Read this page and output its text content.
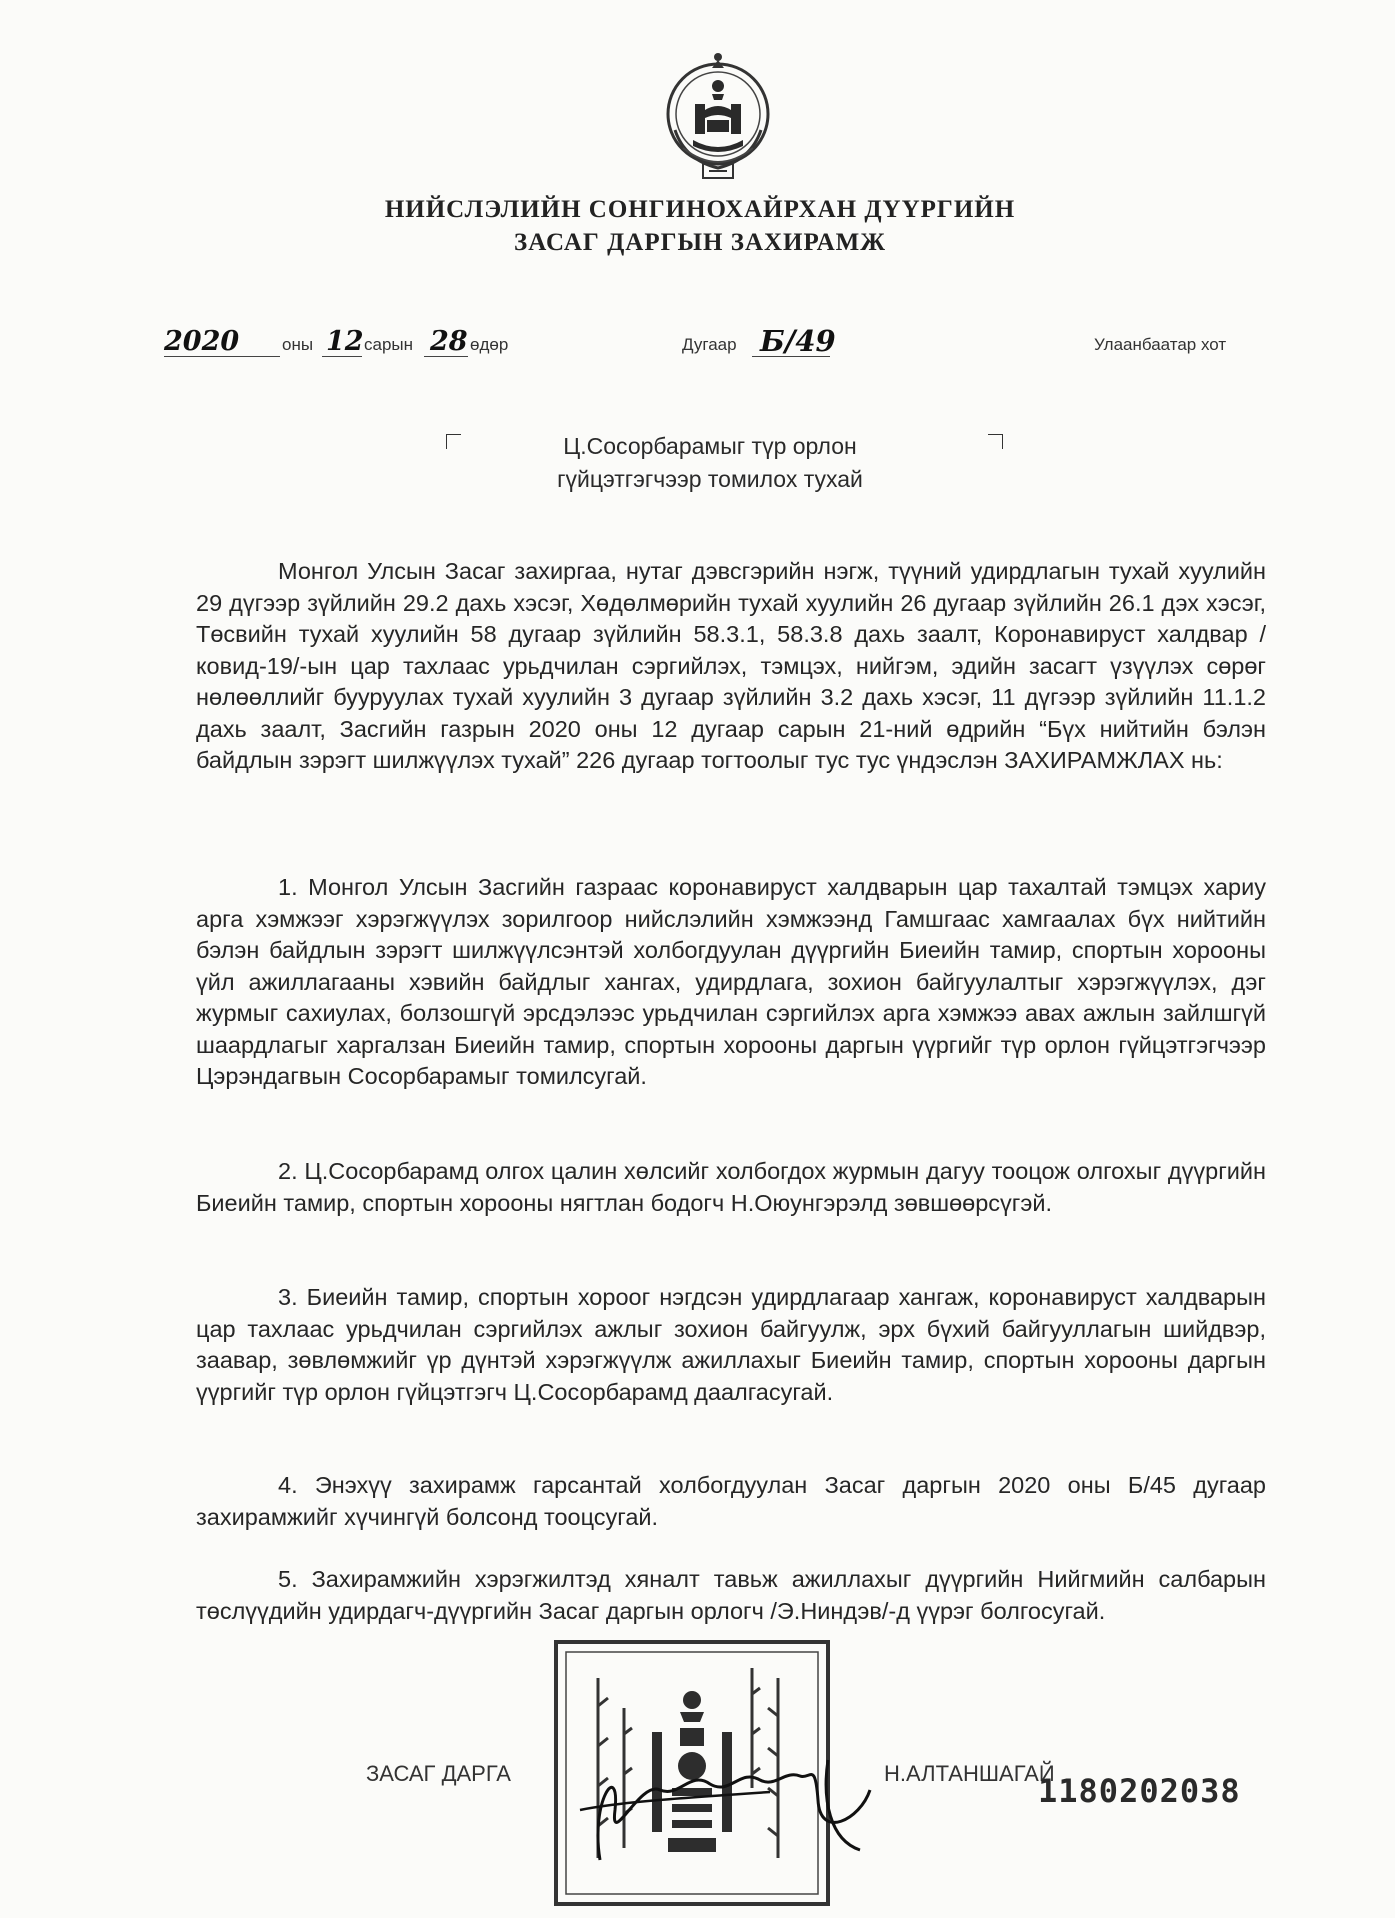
НИЙСЛЭЛИЙН СОНГИНОХАЙРХАН ДҮҮРГИЙН
ЗАСАГ ДАРГЫН ЗАХИРАМЖ
2020	оны 12 сарын 28 өдөр	Дугаар Б/49	Улаанбаатар хот
Ц.Сосорбарамыг түр орлон
гүйцэтгэгчээр томилох тухай
Монгол Улсын Засаг захиргаа, нутаг дэвсгэрийн нэгж, түүний удирдлагын тухай хуулийн 29 дүгээр зүйлийн 29.2 дахь хэсэг, Хөдөлмөрийн тухай хуулийн 26 дугаар зүйлийн 26.1 дэх хэсэг, Төсвийн тухай хуулийн 58 дугаар зүйлийн 58.3.1, 58.3.8 дахь заалт, Коронавируст халдвар /ковид-19/-ын цар тахлаас урьдчилан сэргийлэх, тэмцэх, нийгэм, эдийн засагт үзүүлэх сөрөг нөлөөллийг бууруулах тухай хуулийн 3 дугаар зүйлийн 3.2 дахь хэсэг, 11 дүгээр зүйлийн 11.1.2 дахь заалт, Засгийн газрын 2020 оны 12 дугаар сарын 21-ний өдрийн “Бүх нийтийн бэлэн байдлын зэрэгт шилжүүлэх тухай” 226 дугаар тогтоолыг тус тус үндэслэн ЗАХИРАМЖЛАХ нь:
1. Монгол Улсын Засгийн газраас коронавируст халдварын цар тахалтай тэмцэх хариу арга хэмжээг хэрэгжүүлэх зорилгоор нийслэлийн хэмжээнд Гамшгаас хамгаалах бүх нийтийн бэлэн байдлын зэрэгт шилжүүлсэнтэй холбогдуулан дүүргийн Биеийн тамир, спортын хорооны үйл ажиллагааны хэвийн байдлыг хангах, удирдлага, зохион байгуулалтыг хэрэгжүүлэх, дэг журмыг сахиулах, болзошгүй эрсдэлээс урьдчилан сэргийлэх арга хэмжээ авах ажлын зайлшгүй шаардлагыг харгалзан Биеийн тамир, спортын хорооны даргын үүргийг түр орлон гүйцэтгэгчээр Цэрэндагвын Сосорбарамыг томилсугай.
2. Ц.Сосорбарамд олгох цалин хөлсийг холбогдох журмын дагуу тооцож олгохыг дүүргийн Биеийн тамир, спортын хорооны нягтлан бодогч Н.Оюунгэрэлд зөвшөөрсүгэй.
3. Биеийн тамир, спортын хороог нэгдсэн удирдлагаар хангаж, коронавируст халдварын цар тахлаас урьдчилан сэргийлэх ажлыг зохион байгуулж, эрх бүхий байгууллагын шийдвэр, заавар, зөвлөмжийг үр дүнтэй хэрэгжүүлж ажиллахыг Биеийн тамир, спортын хорооны даргын үүргийг түр орлон гүйцэтгэгч Ц.Сосорбарамд даалгасугай.
4. Энэхүү захирамж гарсантай холбогдуулан Засаг даргын 2020 оны Б/45 дугаар захирамжийг хүчингүй болсонд тооцсугай.
5. Захирамжийн хэрэгжилтэд хяналт тавьж ажиллахыг дүүргийн Нийгмийн салбарын төслүүдийн удирдагч-дүүргийн Засаг даргын орлогч /Э.Ниндэв/-д үүрэг болгосугай.
ЗАСАГ ДАРГА	Н.АЛТАНШАГАЙ
1180202038
